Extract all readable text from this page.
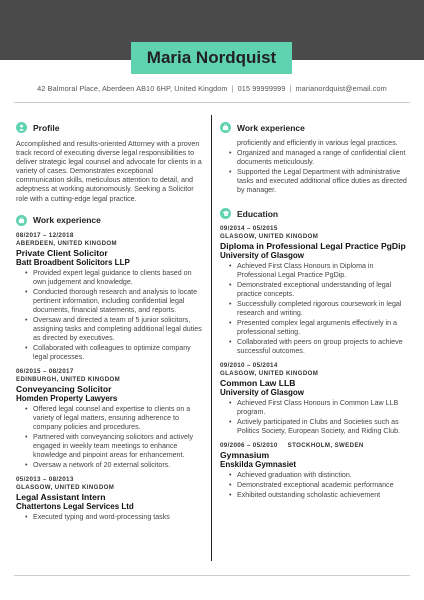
Maria Nordquist
42 Balmoral Place, Aberdeen AB10 6HP, United Kingdom | 015 99999999 | marianordquist@email.com
Profile
Accomplished and results-oriented Attorney with a proven track record of executing diverse legal responsibilities to deliver strategic legal counsel and advocate for clients in a variety of cases. Demonstrates exceptional communication skills, meticulous attention to detail, and adeptness at working autonomously. Seeking a Solicitor role with a cutting-edge legal practice.
Work experience
08/2017 – 12/2018
ABERDEEN, UNITED KINGDOM
Private Client Solicitor
Batt Broadbent Solicitors LLP
• Provided expert legal guidance to clients based on own judgement and knowledge.
• Conducted thorough research and analysis to locate pertinent information, including confidential legal documents, financial statements, and reports.
• Oversaw and directed a team of 5 junior solicitors, assigning tasks and completing additional legal duties as directed by executives.
• Collaborated with colleagues to optimize company legal processes.
06/2015 – 08/2017
EDINBURGH, UNITED KINGDOM
Conveyancing Solicitor
Homden Property Lawyers
• Offered legal counsel and expertise to clients on a variety of legal matters, ensuring adherence to company policies and procedures.
• Partnered with conveyancing solicitors and actively engaged in weekly team meetings to enhance knowledge and pinpoint areas for enhancement.
• Oversaw a network of 20 external solicitors.
05/2013 – 08/2013
GLASGOW, UNITED KINGDOM
Legal Assistant Intern
Chattertons Legal Services Ltd
• Executed typing and word-processing tasks
Work experience
proficiently and efficiently in various legal practices.
• Organized and managed a range of confidential client documents meticulously.
• Supported the Legal Department with administrative tasks and executed additional office duties as directed by manager.
Education
09/2014 – 05/2015
GLASGOW, UNITED KINGDOM
Diploma in Professional Legal Practice PgDip
University of Glasgow
• Achieved First Class Honours in Diploma in Professional Legal Practice PgDip.
• Demonstrated exceptional understanding of legal practice concepts.
• Successfully completed rigorous coursework in legal research and writing.
• Presented complex legal arguments effectively in a professional setting.
• Collaborated with peers on group projects to achieve successful outcomes.
09/2010 – 05/2014
GLASGOW, UNITED KINGDOM
Common Law LLB
University of Glasgow
• Achieved First Class Honours in Common Law LLB program.
• Actively participated in Clubs and Societies such as Politics Society, European Society, and Riding Club.
09/2006 – 05/2010 STOCKHOLM, SWEDEN
Gymnasium
Enskilda Gymnasiet
• Achieved graduation with distinction.
• Demonstrated exceptional academic performance
• Exhibited outstanding scholastic achievement
